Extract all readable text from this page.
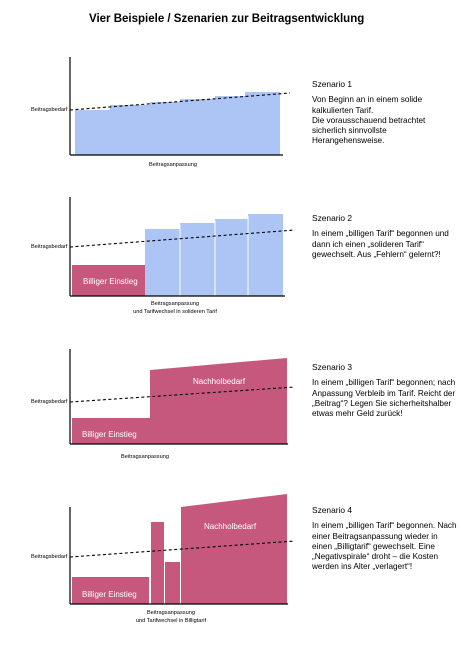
Vier Beispiele / Szenarien zur Beitragsentwicklung
Beitragsbedarf
Beitragsanpassung
Billiger Einstieg
Beitragsbedarf
Beitragsanpassung
und Tarifwechsel in solideren Tarif
Billiger Einstieg
Nachholbedarf
Beitragsbedarf
Beitragsanpassung
Billiger Einstieg
Nachholbedarf
Beitragsbedarf
Beitragsanpassung
und Tarifwechsel in Billigtarif
Szenario 1
Von Beginn an in einem solide kalkulierten Tarif.
Die vorausschauend betrachtet sicherlich sinnvollste Herangehensweise.
Szenario 2
In einem „billigen Tarif“ begonnen und dann ich einen „solideren Tarif“ gewechselt. Aus „Fehlern“ gelernt?!
Szenario 3
In einem „billigen Tarif“ begonnen; nach Anpassung Verbleib im Tarif. Reicht der „Beitrag“? Legen Sie sicherheitshalber etwas mehr Geld zurück!
Szenario 4
In einem „billigen Tarif“ begonnen. Nach einer Beitragsanpassung wieder in einen „Billigtarif“ gewechselt. Eine „Negativspirale“ droht – die Kosten werden ins Alter „verlagert“!
